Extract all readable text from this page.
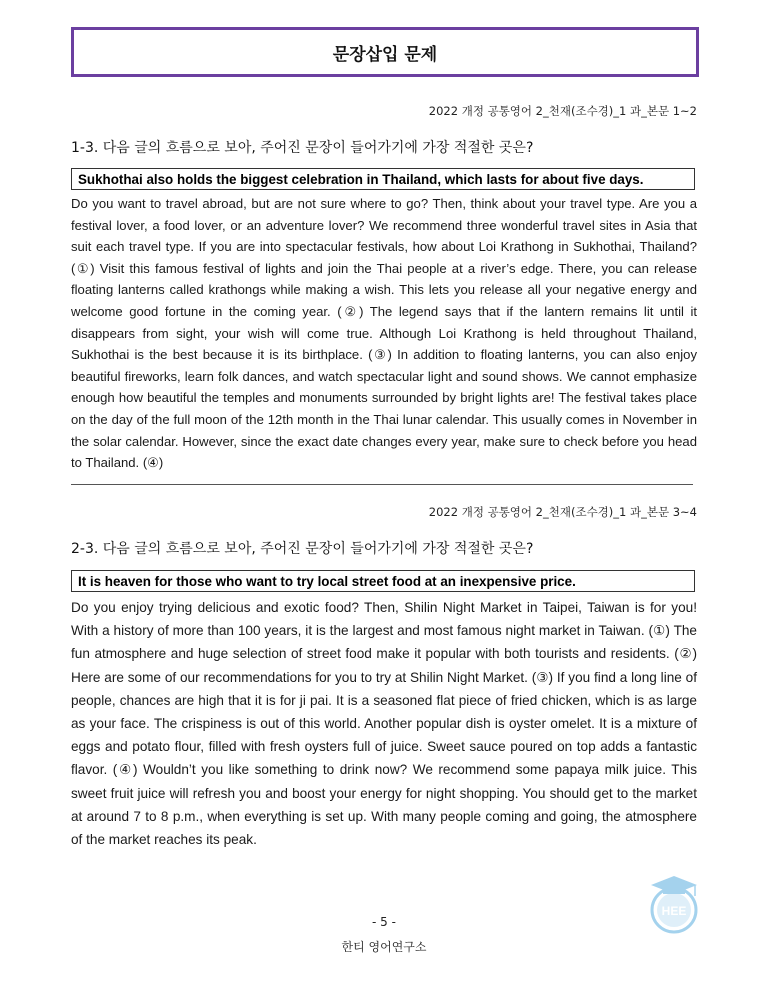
문장삽입 문제
2022 개정 공통영어 2_천재(조수경)_1 과_본문 1~2
1-3. 다음 글의 흐름으로 보아, 주어진 문장이 들어가기에 가장 적절한 곳은?
Sukhothai also holds the biggest celebration in Thailand, which lasts for about five days.

Do you want to travel abroad, but are not sure where to go? Then, think about your travel type. Are you a festival lover, a food lover, or an adventure lover? We recommend three wonderful travel sites in Asia that suit each travel type. If you are into spectacular festivals, how about Loi Krathong in Sukhothai, Thailand? (①) Visit this famous festival of lights and join the Thai people at a river’s edge. There, you can release floating lanterns called krathongs while making a wish. This lets you release all your negative energy and welcome good fortune in the coming year. (②) The legend says that if the lantern remains lit until it disappears from sight, your wish will come true. Although Loi Krathong is held throughout Thailand, Sukhothai is the best because it is its birthplace. (③) In addition to floating lanterns, you can also enjoy beautiful fireworks, learn folk dances, and watch spectacular light and sound shows. We cannot emphasize enough how beautiful the temples and monuments surrounded by bright lights are! The festival takes place on the day of the full moon of the 12th month in the Thai lunar calendar. This usually comes in November in the solar calendar. However, since the exact date changes every year, make sure to check before you head to Thailand. (④)

2022 개정 공통영어 2_천재(조수경)_1 과_본문 3~4
2-3. 다음 글의 흐름으로 보아, 주어진 문장이 들어가기에 가장 적절한 곳은?
It is heaven for those who want to try local street food at an inexpensive price.

Do you enjoy trying delicious and exotic food? Then, Shilin Night Market in Taipei, Taiwan is for you! With a history of more than 100 years, it is the largest and most famous night market in Taiwan. (①) The fun atmosphere and huge selection of street food make it popular with both tourists and residents. (②) Here are some of our recommendations for you to try at Shilin Night Market. (③) If you find a long line of people, chances are high that it is for ji pai. It is a seasoned flat piece of fried chicken, which is as large as your face. The crispiness is out of this world. Another popular dish is oyster omelet. It is a mixture of eggs and potato flour, filled with fresh oysters full of juice. Sweet sauce poured on top adds a fantastic flavor. (④) Wouldn’t you like something to drink now? We recommend some papaya milk juice. This sweet fruit juice will refresh you and boost your energy for night shopping. You should get to the market at around 7 to 8 p.m., when everything is set up. With many people coming and going, the atmosphere of the market reaches its peak.

- 5 -
한티 영어연구소
HEE
